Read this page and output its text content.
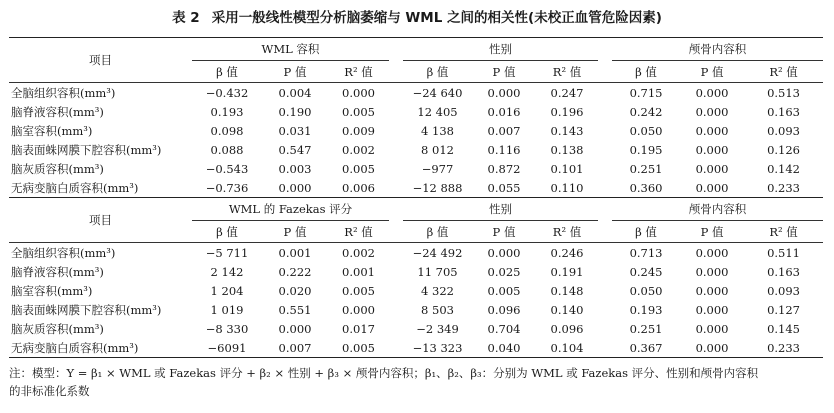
表 2 采用一般线性模型分析脑萎缩与 WML 之间的相关性(未校正血管危险因素)
项目	WML 容积				性别				颅骨内容积		
	β 值	P 值	R² 值		β 值	P 值	R² 值		β 值	P 值	R² 值
全脑组织容积(mm³)	−0.432	0.004	0.000		−24 640	0.000	0.247		0.715	0.000	0.513
脑脊液容积(mm³)	0.193	0.190	0.005		12 405	0.016	0.196		0.242	0.000	0.163
脑室容积(mm³)	0.098	0.031	0.009		4 138	0.007	0.143		0.050	0.000	0.093
脑表面蛛网膜下腔容积(mm³)	0.088	0.547	0.002		8 012	0.116	0.138		0.195	0.000	0.126
脑灰质容积(mm³)	−0.543	0.003	0.005		−977	0.872	0.101		0.251	0.000	0.142
无病变脑白质容积(mm³)	−0.736	0.000	0.006		−12 888	0.055	0.110		0.360	0.000	0.233
项目	WML 的 Fazekas 评分				性别				颅骨内容积		
	β 值	P 值	R² 值		β 值	P 值	R² 值		β 值	P 值	R² 值
全脑组织容积(mm³)	−5 711	0.001	0.002		−24 492	0.000	0.246		0.713	0.000	0.511
脑脊液容积(mm³)	2 142	0.222	0.001		11 705	0.025	0.191		0.245	0.000	0.163
脑室容积(mm³)	1 204	0.020	0.005		4 322	0.005	0.148		0.050	0.000	0.093
脑表面蛛网膜下腔容积(mm³)	1 019	0.551	0.000		8 503	0.096	0.140		0.193	0.000	0.127
脑灰质容积(mm³)	−8 330	0.000	0.017		−2 349	0.704	0.096		0.251	0.000	0.145
无病变脑白质容积(mm³)	−6091	0.007	0.005		−13 323	0.040	0.104		0.367	0.000	0.233
注：模型：Y = β₁ × WML 或 Fazekas 评分 + β₂ × 性别 + β₃ × 颅骨内容积；β₁、β₂、β₃：分别为 WML 或 Fazekas 评分、性别和颅骨内容积
的非标准化系数
